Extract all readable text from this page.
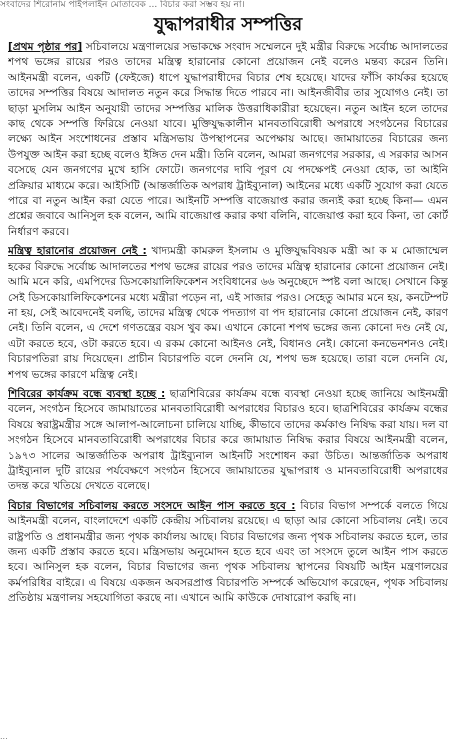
সংবাদের শিরোনাম পাইপলাইন মোতাবেক ... বিচার করা সম্ভব হয় না।
যুদ্ধাপরাধীর সম্পত্তির

[প্রথম পৃষ্ঠার পর] সচিবালয়ে মন্ত্রণালয়ের সভাকক্ষে সংবাদ সম্মেলনে দুই মন্ত্রীর বিরুদ্ধে সর্বোচ্চ আদালতের শপথ ভঙ্গের রায়ের পরও তাদের মন্ত্রিত্ব হারানোর কোনো প্রয়োজন নেই বলেও মন্তব্য করেন তিনি। আইনমন্ত্রী বলেন, একটি (ফেইজে) ধাপে যুদ্ধাপরাধীদের বিচার শেষ হয়েছে। যাদের ফাঁসি কার্যকর হয়েছে তাদের সম্পত্তির বিষয়ে আদালত নতুন করে সিদ্ধান্ত দিতে পারবে না। আইনজীবীর তার সুযোগও নেই। তা ছাড়া মুসলিম আইন অনুযায়ী তাদের সম্পত্তির মালিক উত্তরাধিকারীরা হয়েছেন। নতুন আইন হলে তাদের কাছ থেকে সম্পত্তি ফিরিয়ে নেওয়া যাবে। মুক্তিযুদ্ধকালীন মানবতাবিরোধী অপরাধে সংগঠনের বিচারের লক্ষ্যে আইন সংশোধনের প্রস্তাব মন্ত্রিসভায় উপস্থাপনের অপেক্ষায় আছে। জামায়াতের বিচারের জন্য উপযুক্ত আইন করা হচ্ছে বলেও ইঙ্গিত দেন মন্ত্রী। তিনি বলেন, আমরা জনগণের সরকার, এ সরকার আসন বসেছে যেন জনগণের মুখে হাসি ফোটে। জনগণের দাবি পূরণ যে পদক্ষেপই নেওয়া হোক, তা আইনি প্রক্রিয়ার মাধ্যমে করে। আইসিটি (আন্তর্জাতিক অপরাধ ট্রাইব্যুনাল) আইনের মধ্যে একটি সুযোগ করা যেতে পারে বা নতুন আইন করা যেতে পারে। আইনটি সম্পত্তি বাজেয়াপ্ত করার জন্যই করা হচ্ছে কিনা— এমন প্রশ্নের জবাবে আনিসুল হক বলেন, আমি বাজেয়াপ্ত করার কথা বলিনি, বাজেয়াপ্ত করা হবে কিনা, তা কোর্ট নির্ধারণ করবে।

মন্ত্রিত্ব হারানোর প্রয়োজন নেই : খাদ্যমন্ত্রী কামরুল ইসলাম ও মুক্তিযুদ্ধবিষয়ক মন্ত্রী আ ক ম মোজাম্মেল হকের বিরুদ্ধে সর্বোচ্চ আদালতের শপথ ভঙ্গের রায়ের পরও তাদের মন্ত্রিত্ব হারানোর কোনো প্রয়োজন নেই। আমি মনে করি, এমপিদের ডিসকোয়ালিফিকেশন সংবিধানের ৬৬ অনুচ্ছেদে স্পষ্ট বলা আছে। সেখানে কিন্তু সেই ডিসকোয়ালিফিকেশনের মধ্যে মন্ত্রীরা পড়েন না, এই সাজার পরও। সেহেতু আমার মনে হয়, কনটেম্পট না হয়, সেই আবেদনেই বলছি, তাদের মন্ত্রিত্ব থেকে পদত্যাগ বা পদ হারানোর কোনো প্রয়োজন নেই, কারণ নেই। তিনি বলেন, এ দেশে গণতন্ত্রের বয়স খুব কম। এখানে কোনো শপথ ভঙ্গের জন্য কোনো দণ্ড নেই যে, এটা করতে হবে, ওটা করতে হবে। এ রকম কোনো আইনও নেই, বিধানও নেই। কোনো কনভেনশনও নেই। বিচারপতিরা রায় দিয়েছেন। প্রাচীন বিচারপতি বলে দেননি যে, শপথ ভঙ্গ হয়েছে। তারা বলে দেননি যে, শপথ ভঙ্গের কারণে মন্ত্রিত্ব নেই।

শিবিরের কার্যক্রম বন্ধে ব্যবস্থা হচ্ছে : ছাত্রশিবিরের কার্যক্রম বন্ধে ব্যবস্থা নেওয়া হচ্ছে জানিয়ে আইনমন্ত্রী বলেন, সংগঠন হিসেবে জামায়াতের মানবতাবিরোধী অপরাধের বিচারও হবে। ছাত্রশিবিরের কার্যক্রম বন্ধের বিষয়ে স্বরাষ্ট্রমন্ত্রীর সঙ্গে আলাপ-আলোচনা চালিয়ে যাচ্ছি, কীভাবে তাদের কর্মকাণ্ড নিষিদ্ধ করা যায়। দল বা সংগঠন হিসেবে মানবতাবিরোধী অপরাধের বিচার করে জামায়াত নিষিদ্ধ করার বিষয়ে আইনমন্ত্রী বলেন, ১৯৭৩ সালের আন্তর্জাতিক অপরাধ ট্রাইব্যুনাল আইনটি সংশোধন করা উচিত। আন্তর্জাতিক অপরাধ ট্রাইব্যুনাল দুটি রায়ের পর্যবেক্ষণে সংগঠন হিসেবে জামায়াতের যুদ্ধাপরাধ ও মানবতাবিরোধী অপরাধের তদন্ত করে খতিয়ে দেখতে বলেছে।

বিচার বিভাগের সচিবালয় করতে সংসদে আইন পাস করতে হবে : বিচার বিভাগ সম্পর্কে বলতে গিয়ে আইনমন্ত্রী বলেন, বাংলাদেশে একটি কেন্দ্রীয় সচিবালয় রয়েছে। এ ছাড়া আর কোনো সচিবালয় নেই। তবে রাষ্ট্রপতি ও প্রধানমন্ত্রীর জন্য পৃথক কার্যালয় আছে। বিচার বিভাগের জন্য পৃথক সচিবালয় করতে হলে, তার জন্য একটি প্রস্তাব করতে হবে। মন্ত্রিসভায় অনুমোদন হতে হবে এবং তা সংসদে তুলে আইন পাস করতে হবে। আনিসুল হক বলেন, বিচার বিভাগের জন্য পৃথক সচিবালয় স্থাপনের বিষয়টি আইন মন্ত্রণালয়ের কর্মপরিধির বাইরে। এ বিষয়ে একজন অবসরপ্রাপ্ত বিচারপতি সম্পর্কে অভিযোগ করেছেন, পৃথক সচিবালয় প্রতিষ্ঠায় মন্ত্রণালয় সহযোগিতা করছে না। এখানে আমি কাউকে দোষারোপ করছি না।

...
